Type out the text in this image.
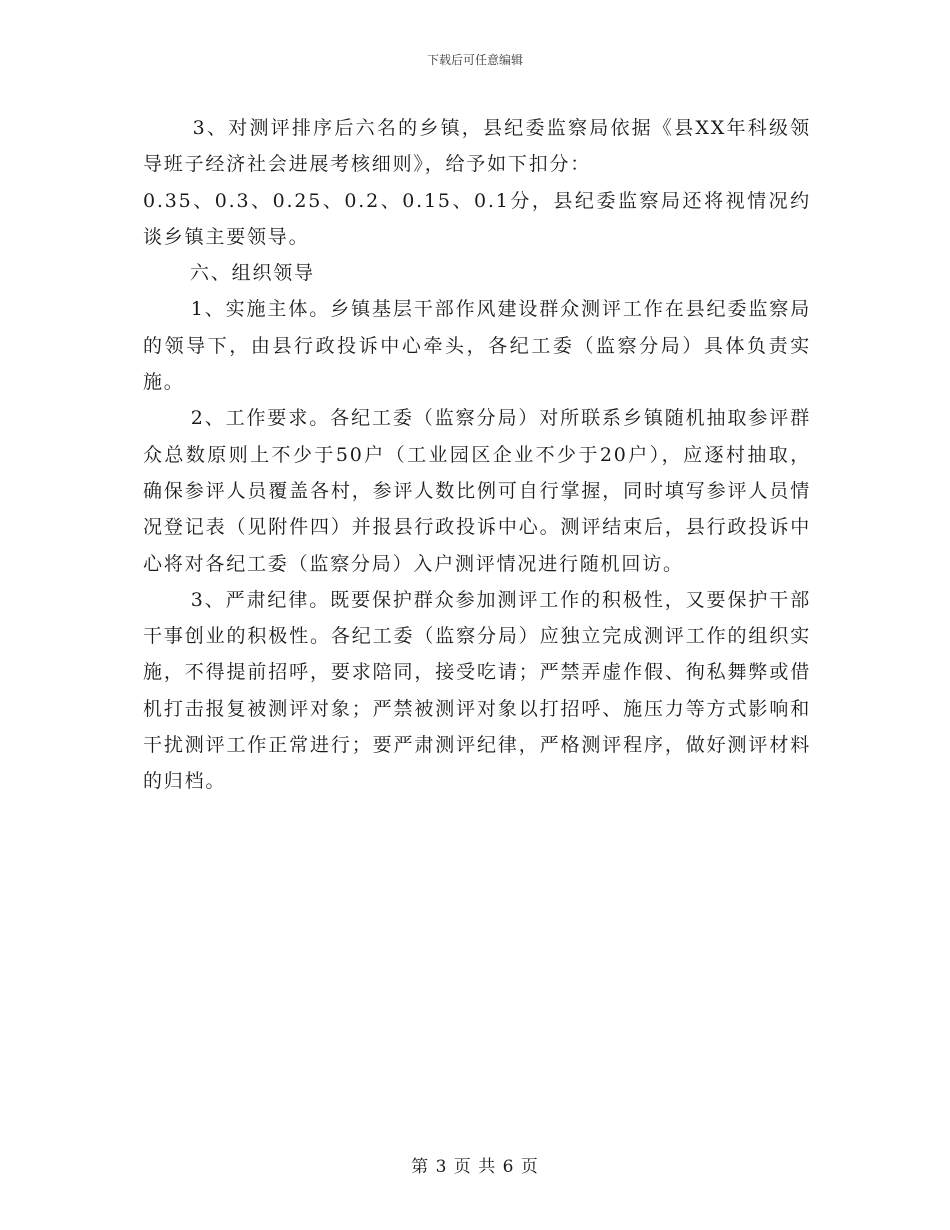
下载后可任意编辑

3、对测评排序后六名的乡镇，县纪委监察局依据《县XX年科级领导班子经济社会进展考核细则》，给予如下扣分：
0.35、0.3、0.25、0.2、0.15、0.1分，县纪委监察局还将视情况约谈乡镇主要领导。

六、组织领导

1、实施主体。乡镇基层干部作风建设群众测评工作在县纪委监察局的领导下，由县行政投诉中心牵头，各纪工委（监察分局）具体负责实施。

2、工作要求。各纪工委（监察分局）对所联系乡镇随机抽取参评群众总数原则上不少于50户（工业园区企业不少于20户），应逐村抽取，确保参评人员覆盖各村，参评人数比例可自行掌握，同时填写参评人员情况登记表（见附件四）并报县行政投诉中心。测评结束后，县行政投诉中心将对各纪工委（监察分局）入户测评情况进行随机回访。

3、严肃纪律。既要保护群众参加测评工作的积极性，又要保护干部干事创业的积极性。各纪工委（监察分局）应独立完成测评工作的组织实施，不得提前招呼，要求陪同，接受吃请；严禁弄虚作假、徇私舞弊或借机打击报复被测评对象；严禁被测评对象以打招呼、施压力等方式影响和干扰测评工作正常进行；要严肃测评纪律，严格测评程序，做好测评材料的归档。

第 3 页 共 6 页
